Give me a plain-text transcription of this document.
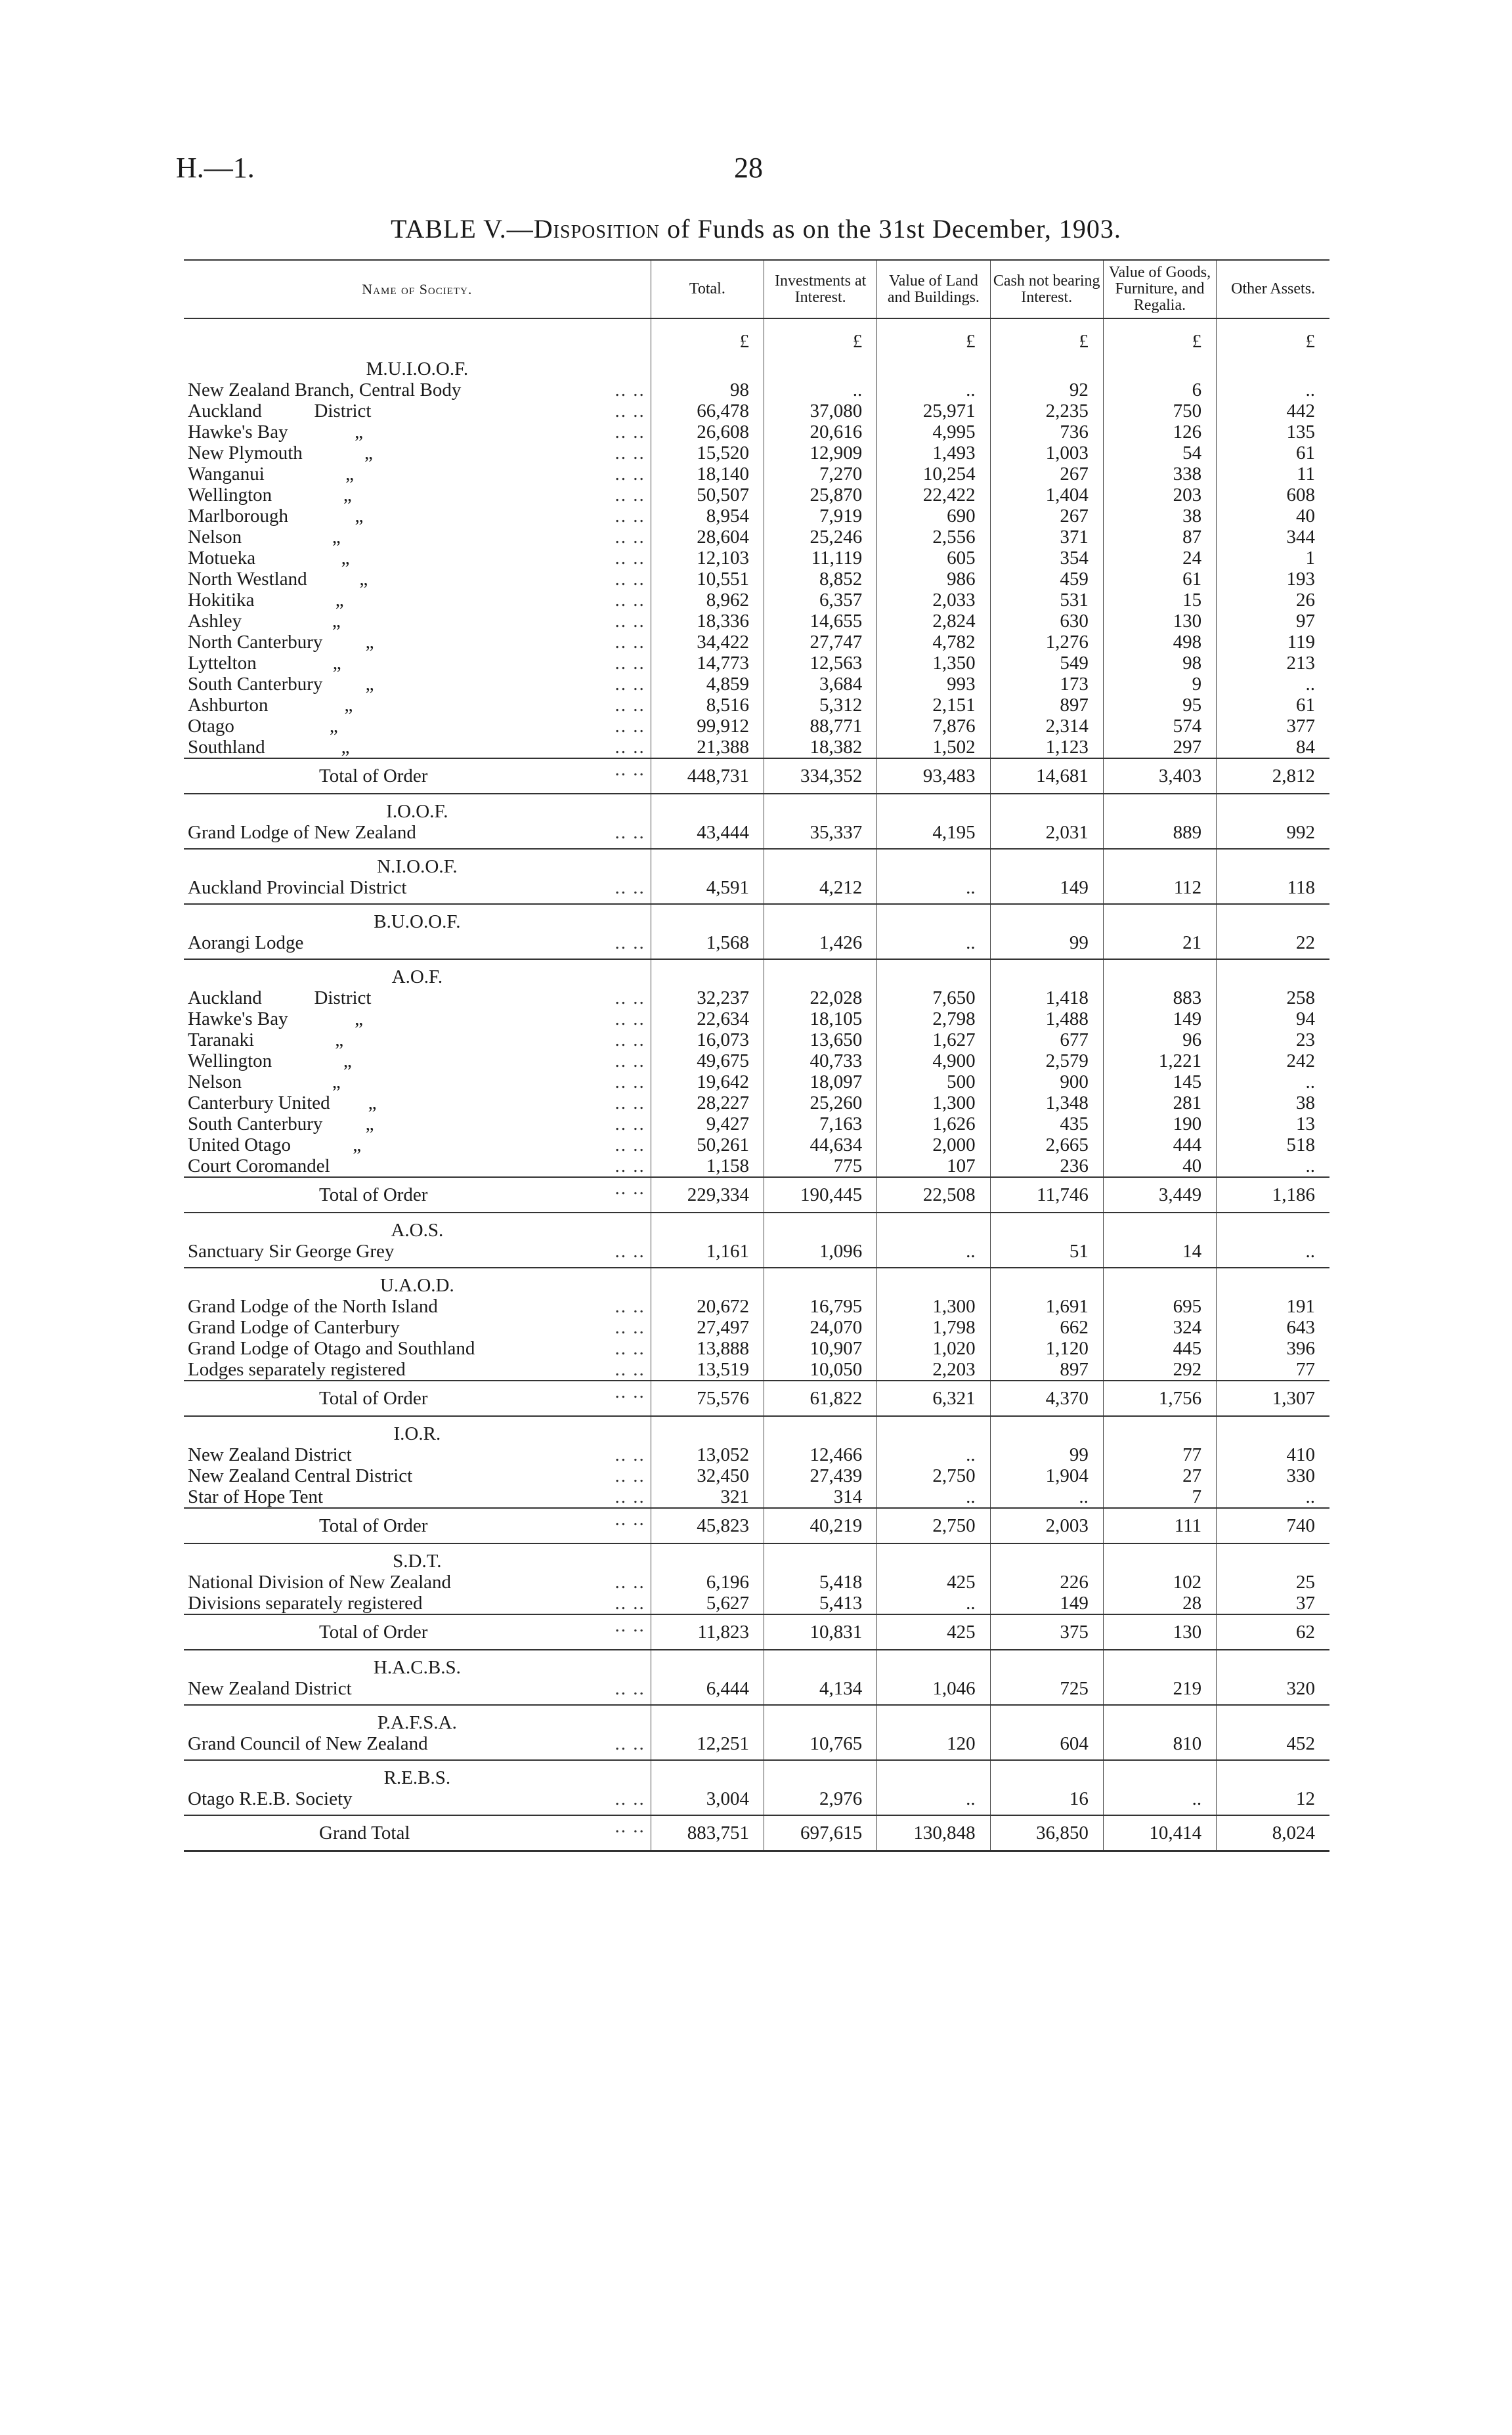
H.—1.	28
TABLE V.—Disposition of Funds as on the 31st December, 1903.
Name of Society.	Total.	Investments at Interest.	Value of Land and Buildings.	Cash not bearing Interest.	Value of Goods, Furniture, and Regalia.	Other Assets.
	£	£	£	£	£	£
M.U.I.O.O.F.						
New Zealand Branch, Central Body .. ..	98	..	..	92	6	..
Auckland           District .. ..	66,478	37,080	25,971	2,235	750	442
Hawke's Bay              „ .. ..	26,608	20,616	4,995	736	126	135
New Plymouth             „ .. ..	15,520	12,909	1,493	1,003	54	61
Wanganui                 „ .. ..	18,140	7,270	10,254	267	338	11
Wellington               „ .. ..	50,507	25,870	22,422	1,404	203	608
Marlborough              „ .. ..	8,954	7,919	690	267	38	40
Nelson                   „ .. ..	28,604	25,246	2,556	371	87	344
Motueka                  „ .. ..	12,103	11,119	605	354	24	1
North Westland           „ .. ..	10,551	8,852	986	459	61	193
Hokitika                 „ .. ..	8,962	6,357	2,033	531	15	26
Ashley                   „ .. ..	18,336	14,655	2,824	630	130	97
North Canterbury         „ .. ..	34,422	27,747	4,782	1,276	498	119
Lyttelton                „ .. ..	14,773	12,563	1,350	549	98	213
South Canterbury         „ .. ..	4,859	3,684	993	173	9	..
Ashburton                „ .. ..	8,516	5,312	2,151	897	95	61
Otago                    „ .. ..	99,912	88,771	7,876	2,314	574	377
Southland                „ .. ..	21,388	18,382	1,502	1,123	297	84
Total of Order .. ..	448,731	334,352	93,483	14,681	3,403	2,812
I.O.O.F.						
Grand Lodge of New Zealand .. ..	43,444	35,337	4,195	2,031	889	992
N.I.O.O.F.						
Auckland Provincial District .. ..	4,591	4,212	..	149	112	118
B.U.O.O.F.						
Aorangi Lodge .. ..	1,568	1,426	..	99	21	22
A.O.F.						
Auckland           District .. ..	32,237	22,028	7,650	1,418	883	258
Hawke's Bay              „ .. ..	22,634	18,105	2,798	1,488	149	94
Taranaki                 „ .. ..	16,073	13,650	1,627	677	96	23
Wellington               „ .. ..	49,675	40,733	4,900	2,579	1,221	242
Nelson                   „ .. ..	19,642	18,097	500	900	145	..
Canterbury United        „ .. ..	28,227	25,260	1,300	1,348	281	38
South Canterbury         „ .. ..	9,427	7,163	1,626	435	190	13
United Otago             „ .. ..	50,261	44,634	2,000	2,665	444	518
Court Coromandel .. ..	1,158	775	107	236	40	..
Total of Order .. ..	229,334	190,445	22,508	11,746	3,449	1,186
A.O.S.						
Sanctuary Sir George Grey .. ..	1,161	1,096	..	51	14	..
U.A.O.D.						
Grand Lodge of the North Island .. ..	20,672	16,795	1,300	1,691	695	191
Grand Lodge of Canterbury .. ..	27,497	24,070	1,798	662	324	643
Grand Lodge of Otago and Southland .. ..	13,888	10,907	1,020	1,120	445	396
Lodges separately registered .. ..	13,519	10,050	2,203	897	292	77
Total of Order .. ..	75,576	61,822	6,321	4,370	1,756	1,307
I.O.R.						
New Zealand District .. ..	13,052	12,466	..	99	77	410
New Zealand Central District .. ..	32,450	27,439	2,750	1,904	27	330
Star of Hope Tent .. ..	321	314	..	..	7	..
Total of Order .. ..	45,823	40,219	2,750	2,003	111	740
S.D.T.						
National Division of New Zealand .. ..	6,196	5,418	425	226	102	25
Divisions separately registered .. ..	5,627	5,413	..	149	28	37
Total of Order .. ..	11,823	10,831	425	375	130	62
H.A.C.B.S.						
New Zealand District .. ..	6,444	4,134	1,046	725	219	320
P.A.F.S.A.						
Grand Council of New Zealand .. ..	12,251	10,765	120	604	810	452
R.E.B.S.						
Otago R.E.B. Society .. ..	3,004	2,976	..	16	..	12
Grand Total .. ..	883,751	697,615	130,848	36,850	10,414	8,024
